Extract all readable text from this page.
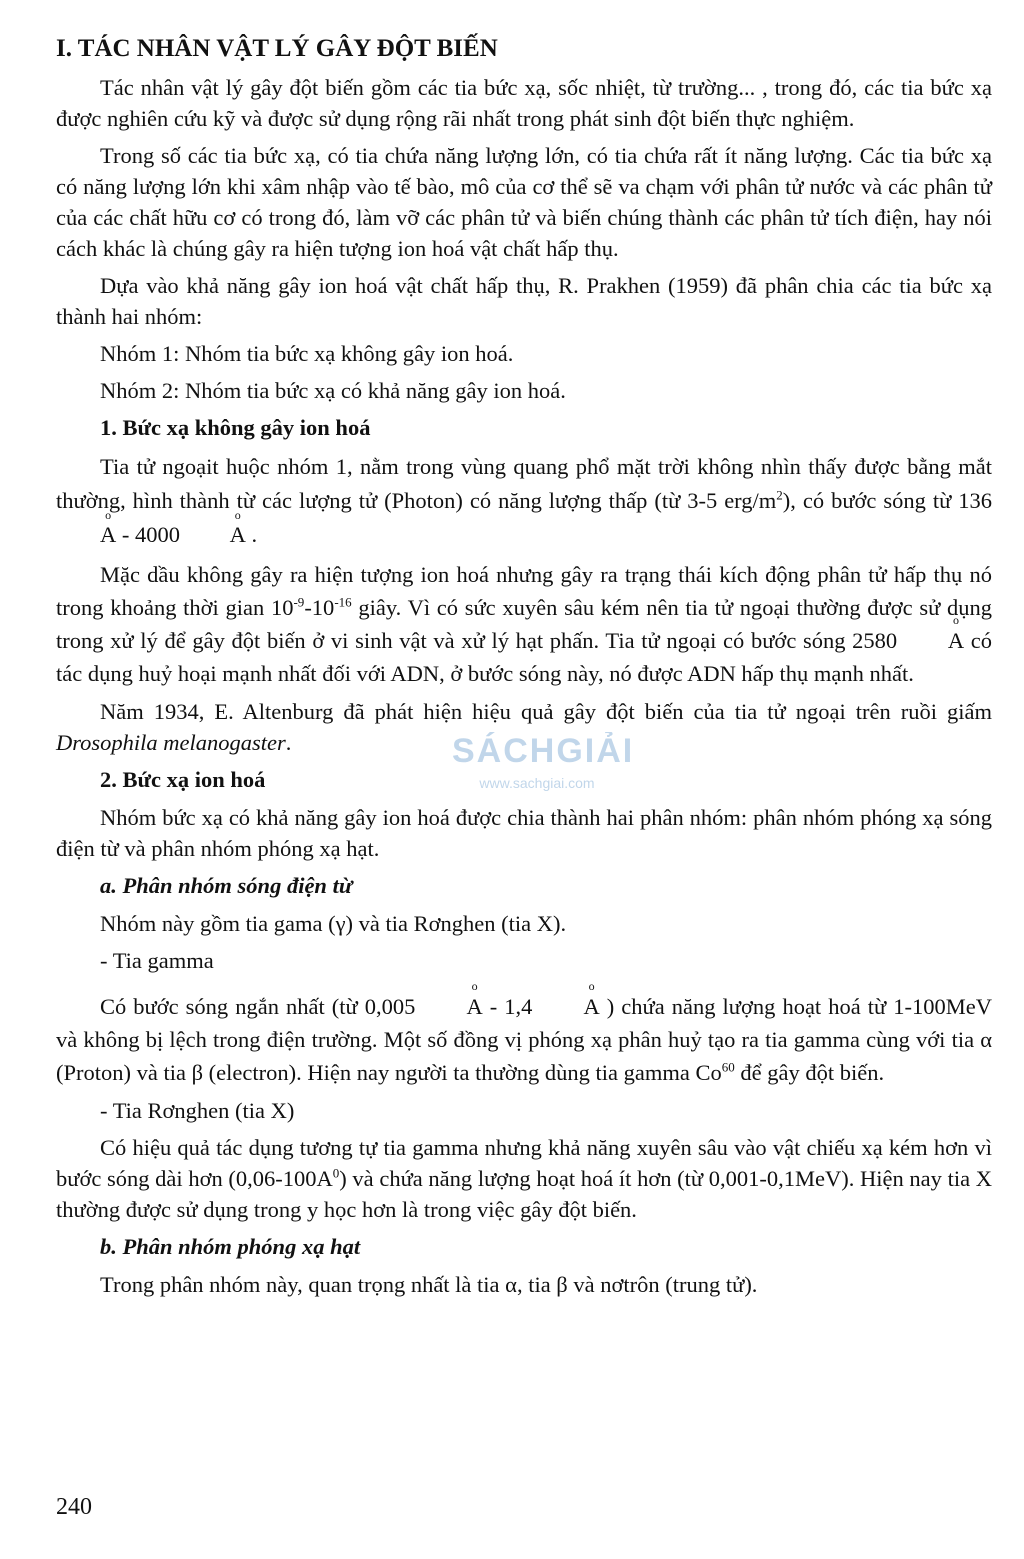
I. TÁC NHÂN VẬT LÝ GÂY ĐỘT BIẾN

Tác nhân vật lý gây đột biến gồm các tia bức xạ, sốc nhiệt, từ trường... , trong đó, các tia bức xạ được nghiên cứu kỹ và được sử dụng rộng rãi nhất trong phát sinh đột biến thực nghiệm.

Trong số các tia bức xạ, có tia chứa năng lượng lớn, có tia chứa rất ít năng lượng. Các tia bức xạ có năng lượng lớn khi xâm nhập vào tế bào, mô của cơ thể sẽ va chạm với phân tử nước và các phân tử của các chất hữu cơ có trong đó, làm vỡ các phân tử và biến chúng thành các phân tử tích điện, hay nói cách khác là chúng gây ra hiện tượng ion hoá vật chất hấp thụ.

Dựa vào khả năng gây ion hoá vật chất hấp thụ, R. Prakhen (1959) đã phân chia các tia bức xạ thành hai nhóm:

Nhóm 1: Nhóm tia bức xạ không gây ion hoá.

Nhóm 2: Nhóm tia bức xạ có khả năng gây ion hoá.

1. Bức xạ không gây ion hoá

Tia tử ngoạit huộc nhóm 1, nằm trong vùng quang phổ mặt trời không nhìn thấy được bằng mắt thường, hình thành từ các lượng tử (Photon) có năng lượng thấp (từ 3-5 erg/$m^2$), có bước sóng từ 136 o A - 4000 o A .

Mặc dầu không gây ra hiện tượng ion hoá nhưng gây ra trạng thái kích động phân tử hấp thụ nó trong khoảng thời gian $10^{-9}-10^{-16}$ giây. Vì có sức xuyên sâu kém nên tia tử ngoại thường được sử dụng trong xử lý để gây đột biến ở vi sinh vật và xử lý hạt phấn. Tia tử ngoại có bước sóng 2580 o A có tác dụng huỷ hoại mạnh nhất đối với ADN, ở bước sóng này, nó được ADN hấp thụ mạnh nhất.

Năm 1934, E. Altenburg đã phát hiện hiệu quả gây đột biến của tia tử ngoại trên ruồi giấm Drosophila melanogaster.

2. Bức xạ ion hoá

Nhóm bức xạ có khả năng gây ion hoá được chia thành hai phân nhóm: phân nhóm phóng xạ sóng điện từ và phân nhóm phóng xạ hạt.

a. Phân nhóm sóng điện từ

Nhóm này gồm tia gama (γ) và tia Rơnghen (tia X).

- Tia gamma

Có bước sóng ngắn nhất (từ 0,005 o A - 1,4 o A ) chứa năng lượng hoạt hoá từ 1-100MeV và không bị lệch trong điện trường. Một số đồng vị phóng xạ phân huỷ tạo ra tia gamma cùng với tia α (Proton) và tia β (electron). Hiện nay người ta thường dùng tia gamma Co$^{60}$ để gây đột biến.

- Tia Rơnghen (tia X)

Có hiệu quả tác dụng tương tự tia gamma nhưng khả năng xuyên sâu vào vật chiếu xạ kém hơn vì bước sóng dài hơn $(0,06-100A^0)$ và chứa năng lượng hoạt hoá ít hơn (từ 0,001-0,1MeV). Hiện nay tia X thường được sử dụng trong y học hơn là trong việc gây đột biến.

b. Phân nhóm phóng xạ hạt

Trong phân nhóm này, quan trọng nhất là tia α, tia β và nơtrôn (trung tử).

SÁCHGIẢI
www.sachgiai.com
240
